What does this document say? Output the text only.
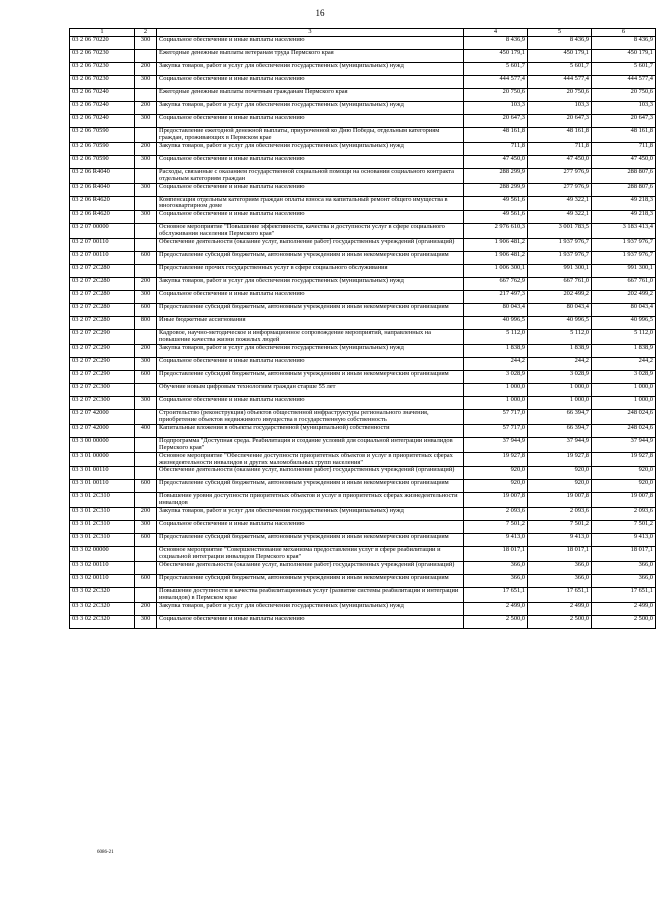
16
1	2	3	4	5	6
03 2 06 70220	300	Социальное обеспечение и иные выплаты населению	8 436,9	8 436,9	8 436,9
03 2 06 70230		Ежегодные денежные выплаты ветеранам труда Пермского края	450 179,1	450 179,1	450 179,1
03 2 06 70230	200	Закупка товаров, работ и услуг для обеспечения государственных (муниципальных) нужд	5 601,7	5 601,7	5 601,7
03 2 06 70230	300	Социальное обеспечение и иные выплаты населению	444 577,4	444 577,4	444 577,4
03 2 06 70240		Ежегодные денежные выплаты почетным гражданам Пермского края	20 750,6	20 750,6	20 750,6
03 2 06 70240	200	Закупка товаров, работ и услуг для обеспечения государственных (муниципальных) нужд	103,3	103,3	103,3
03 2 06 70240	300	Социальное обеспечение и иные выплаты населению	20 647,3	20 647,3	20 647,3
03 2 06 70590		Предоставление ежегодной денежной выплаты, приуроченной ко Дню Победы, отдельным категориям граждан, проживающих в Пермском крае	48 161,8	48 161,8	48 161,8
03 2 06 70590	200	Закупка товаров, работ и услуг для обеспечения государственных (муниципальных) нужд	711,8	711,8	711,8
03 2 06 70590	300	Социальное обеспечение и иные выплаты населению	47 450,0	47 450,0	47 450,0
03 2 06 R4040		Расходы, связанные с оказанием государственной социальной помощи на основании социального контракта отдельным категориям граждан	288 299,9	277 976,9	288 807,6
03 2 06 R4040	300	Социальное обеспечение и иные выплаты населению	288 299,9	277 976,9	288 807,6
03 2 06 R4620		Компенсация отдельным категориям граждан оплаты взноса на капитальный ремонт общего имущества в многоквартирном доме	49 561,6	49 322,1	49 218,3
03 2 06 R4620	300	Социальное обеспечение и иные выплаты населению	49 561,6	49 322,1	49 218,3
03 2 07 00000		Основное мероприятие "Повышение эффективности, качества и доступности услуг в сфере социального обслуживания населения Пермского края"	2 976 610,3	3 001 783,5	3 183 413,4
03 2 07 00110		Обеспечение деятельности (оказание услуг, выполнение работ) государственных учреждений (организаций)	1 906 481,2	1 937 976,7	1 937 976,7
03 2 07 00110	600	Предоставление субсидий бюджетным, автономным учреждениям и иным некоммерческим организациям	1 906 481,2	1 937 976,7	1 937 976,7
03 2 07 2C280		Предоставление прочих государственных услуг в сфере социального обслуживания	1 006 300,1	991 300,1	991 300,1
03 2 07 2C280	200	Закупка товаров, работ и услуг для обеспечения государственных (муниципальных) нужд	667 762,9	667 761,0	667 761,0
03 2 07 2C280	300	Социальное обеспечение и иные выплаты населению	217 497,3	202 499,2	202 499,2
03 2 07 2C280	600	Предоставление субсидий бюджетным, автономным учреждениям и иным некоммерческим организациям	80 043,4	80 043,4	80 043,4
03 2 07 2C280	800	Иные бюджетные ассигнования	40 996,5	40 996,5	40 996,5
03 2 07 2C290		Кадровое, научно-методическое и информационное сопровождение мероприятий, направленных на повышение качества жизни пожилых людей	5 112,0	5 112,0	5 112,0
03 2 07 2C290	200	Закупка товаров, работ и услуг для обеспечения государственных (муниципальных) нужд	1 838,9	1 838,9	1 838,9
03 2 07 2C290	300	Социальное обеспечение и иные выплаты населению	244,2	244,2	244,2
03 2 07 2C290	600	Предоставление субсидий бюджетным, автономным учреждениям и иным некоммерческим организациям	3 028,9	3 028,9	3 028,9
03 2 07 2C300		Обучение новым цифровым технологиям граждан старше 55 лет	1 000,0	1 000,0	1 000,0
03 2 07 2C300	300	Социальное обеспечение и иные выплаты населению	1 000,0	1 000,0	1 000,0
03 2 07 42000		Строительство (реконструкция) объектов общественной инфраструктуры регионального значения, приобретение объектов недвижимого имущества в государственную собственность	57 717,0	66 394,7	248 024,6
03 2 07 42000	400	Капитальные вложения в объекты государственной (муниципальной) собственности	57 717,0	66 394,7	248 024,6
03 3 00 00000		Подпрограмма "Доступная среда. Реабилитация и создание условий для социальной интеграции инвалидов Пермского края"	37 944,9	37 944,9	37 944,9
03 3 01 00000		Основное мероприятие "Обеспечение доступности приоритетных объектов и услуг в приоритетных сферах жизнедеятельности инвалидов и других маломобильных групп населения"	19 927,8	19 927,8	19 927,8
03 3 01 00110		Обеспечение деятельности (оказание услуг, выполнение работ) государственных учреждений (организаций)	920,0	920,0	920,0
03 3 01 00110	600	Предоставление субсидий бюджетным, автономным учреждениям и иным некоммерческим организациям	920,0	920,0	920,0
03 3 01 2C310		Повышение уровня доступности приоритетных объектов и услуг в приоритетных сферах жизнедеятельности инвалидов	19 007,8	19 007,8	19 007,8
03 3 01 2C310	200	Закупка товаров, работ и услуг для обеспечения государственных (муниципальных) нужд	2 093,6	2 093,6	2 093,6
03 3 01 2C310	300	Социальное обеспечение и иные выплаты населению	7 501,2	7 501,2	7 501,2
03 3 01 2C310	600	Предоставление субсидий бюджетным, автономным учреждениям и иным некоммерческим организациям	9 413,0	9 413,0	9 413,0
03 3 02 00000		Основное мероприятие "Совершенствование механизма предоставления услуг в сфере реабилитации и социальной интеграции инвалидов Пермского края"	18 017,1	18 017,1	18 017,1
03 3 02 00110		Обеспечение деятельности (оказание услуг, выполнение работ) государственных учреждений (организаций)	366,0	366,0	366,0
03 3 02 00110	600	Предоставление субсидий бюджетным, автономным учреждениям и иным некоммерческим организациям	366,0	366,0	366,0
03 3 02 2C320		Повышение доступности и качества реабилитационных услуг (развитие системы реабилитации и интеграции инвалидов) в Пермском крае	17 651,1	17 651,1	17 651,1
03 3 02 2C320	200	Закупка товаров, работ и услуг для обеспечения государственных (муниципальных) нужд	2 499,0	2 499,0	2 499,0
03 3 02 2C320	300	Социальное обеспечение и иные выплаты населению	2 500,0	2 500,0	2 500,0
6086-21
